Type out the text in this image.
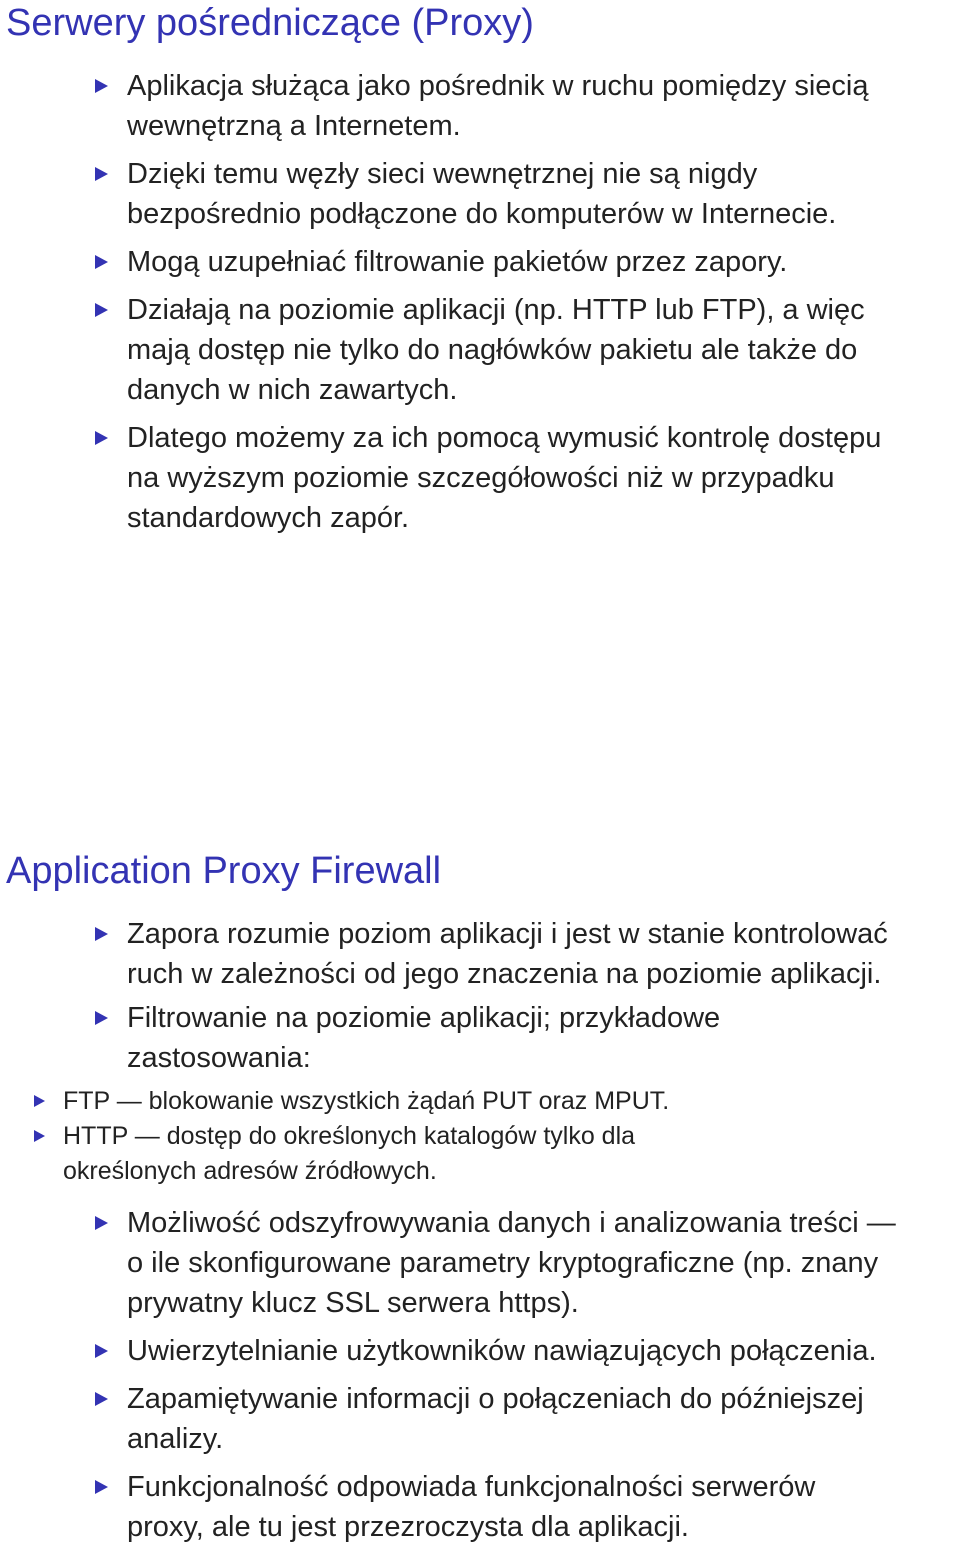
Serwery pośredniczące (Proxy)
Aplikacja służąca jako pośrednik w ruchu pomiędzy siecią
wewnętrzną a Internetem.
Dzięki temu węzły sieci wewnętrznej nie są nigdy
bezpośrednio podłączone do komputerów w Internecie.
Mogą uzupełniać filtrowanie pakietów przez zapory.
Działają na poziomie aplikacji (np. HTTP lub FTP), a więc
mają dostęp nie tylko do nagłówków pakietu ale także do
danych w nich zawartych.
Dlatego możemy za ich pomocą wymusić kontrolę dostępu
na wyższym poziomie szczegółowości niż w przypadku
standardowych zapór.
Application Proxy Firewall
Zapora rozumie poziom aplikacji i jest w stanie kontrolować
ruch w zależności od jego znaczenia na poziomie aplikacji.
Filtrowanie na poziomie aplikacji; przykładowe
zastosowania:
FTP — blokowanie wszystkich żądań PUT oraz MPUT.
HTTP — dostęp do określonych katalogów tylko dla
określonych adresów źródłowych.
Możliwość odszyfrowywania danych i analizowania treści —
o ile skonfigurowane parametry kryptograficzne (np. znany
prywatny klucz SSL serwera https).
Uwierzytelnianie użytkowników nawiązujących połączenia.
Zapamiętywanie informacji o połączeniach do późniejszej
analizy.
Funkcjonalność odpowiada funkcjonalności serwerów
proxy, ale tu jest przezroczysta dla aplikacji.
